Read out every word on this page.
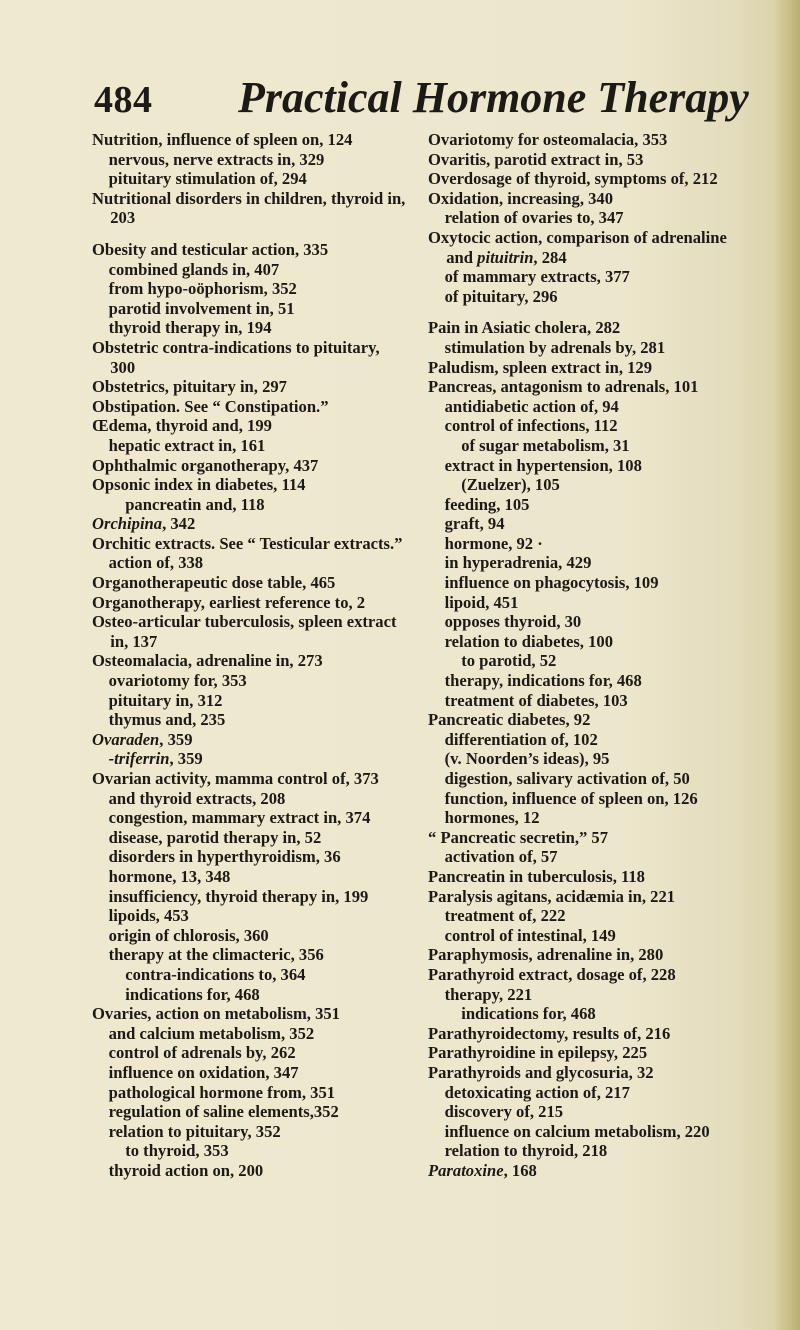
484 Practical Hormone Therapy
Nutrition, influence of spleen on, 124
nervous, nerve extracts in, 329
pituitary stimulation of, 294
Nutritional disorders in children, thyroid in, 203
Obesity and testicular action, 335
combined glands in, 407
from hypo-oöphorism, 352
parotid involvement in, 51
thyroid therapy in, 194
Obstetric contra-indications to pituitary, 300
Obstetrics, pituitary in, 297
Obstipation. See “ Constipation.”
Œdema, thyroid and, 199
hepatic extract in, 161
Ophthalmic organotherapy, 437
Opsonic index in diabetes, 114
pancreatin and, 118
Orchipina, 342
Orchitic extracts. See “ Testicular extracts.”
action of, 338
Organotherapeutic dose table, 465
Organotherapy, earliest reference to, 2
Osteo-articular tuberculosis, spleen extract in, 137
Osteomalacia, adrenaline in, 273
ovariotomy for, 353
pituitary in, 312
thymus and, 235
Ovaraden, 359
-triferrin, 359
Ovarian activity, mamma control of, 373
and thyroid extracts, 208
congestion, mammary extract in, 374
disease, parotid therapy in, 52
disorders in hyperthyroidism, 36
hormone, 13, 348
insufficiency, thyroid therapy in, 199
lipoids, 453
origin of chlorosis, 360
therapy at the climacteric, 356
contra-indications to, 364
indications for, 468
Ovaries, action on metabolism, 351
and calcium metabolism, 352
control of adrenals by, 262
influence on oxidation, 347
pathological hormone from, 351
regulation of saline elements,352
relation to pituitary, 352
to thyroid, 353
thyroid action on, 200
Ovariotomy for osteomalacia, 353
Ovaritis, parotid extract in, 53
Overdosage of thyroid, symptoms of, 212
Oxidation, increasing, 340
relation of ovaries to, 347
Oxytocic action, comparison of adrenaline and pituitrin, 284
of mammary extracts, 377
of pituitary, 296
Pain in Asiatic cholera, 282
stimulation by adrenals by, 281
Paludism, spleen extract in, 129
Pancreas, antagonism to adrenals, 101
antidiabetic action of, 94
control of infections, 112
of sugar metabolism, 31
extract in hypertension, 108
(Zuelzer), 105
feeding, 105
graft, 94
hormone, 92 ·
in hyperadrenia, 429
influence on phagocytosis, 109
lipoid, 451
opposes thyroid, 30
relation to diabetes, 100
to parotid, 52
therapy, indications for, 468
treatment of diabetes, 103
Pancreatic diabetes, 92
differentiation of, 102
(v. Noorden’s ideas), 95
digestion, salivary activation of, 50
function, influence of spleen on, 126
hormones, 12
“ Pancreatic secretin,” 57
activation of, 57
Pancreatin in tuberculosis, 118
Paralysis agitans, acidæmia in, 221
treatment of, 222
control of intestinal, 149
Paraphymosis, adrenaline in, 280
Parathyroid extract, dosage of, 228
therapy, 221
indications for, 468
Parathyroidectomy, results of, 216
Parathyroidine in epilepsy, 225
Parathyroids and glycosuria, 32
detoxicating action of, 217
discovery of, 215
influence on calcium metabolism, 220
relation to thyroid, 218
Paratoxine, 168
